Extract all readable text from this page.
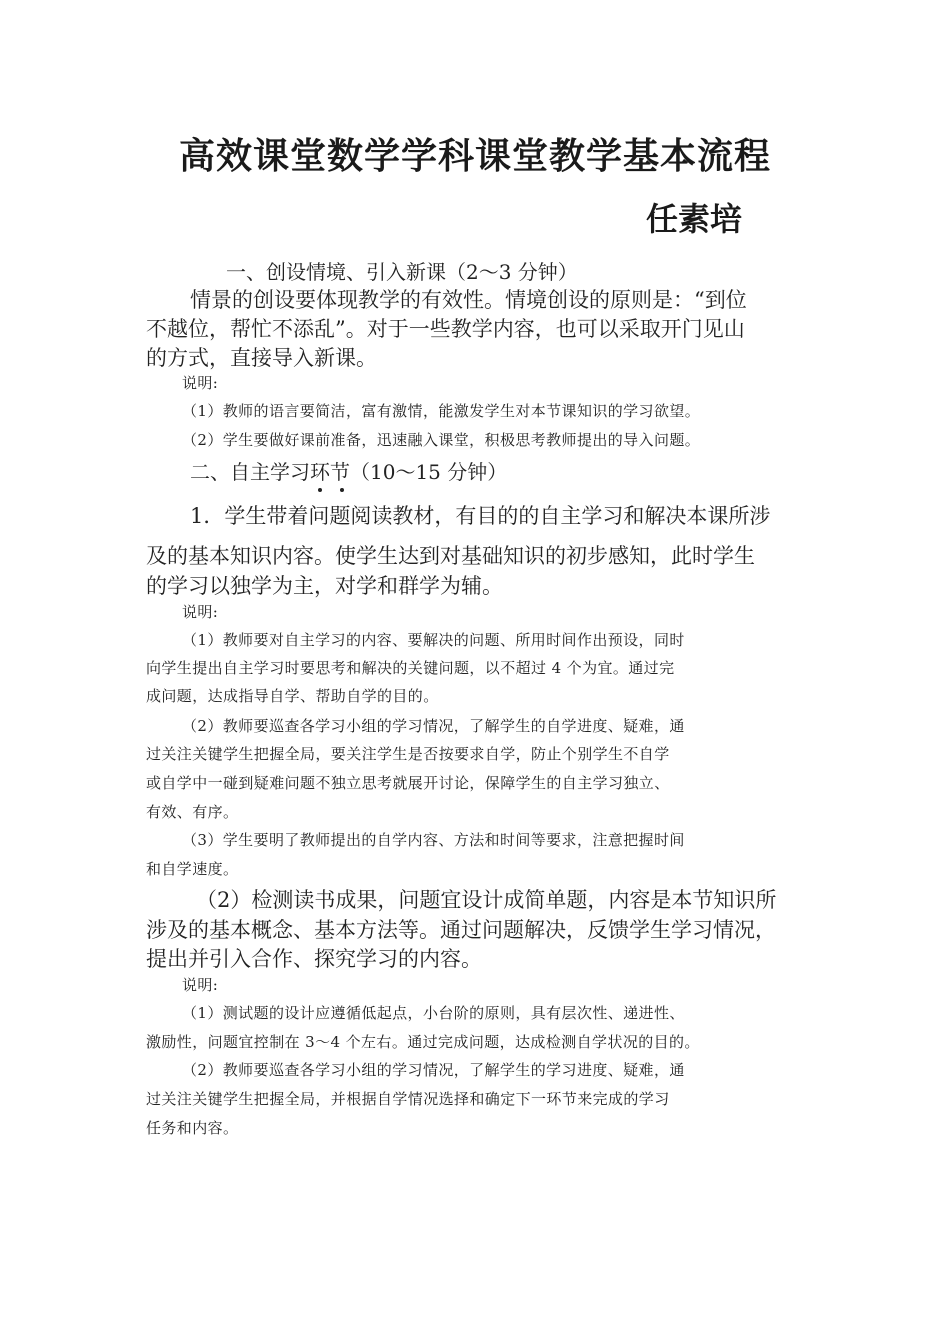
高效课堂数学学科课堂教学基本流程
任素培
一、创设情境、引入新课（2～3 分钟）
情景的创设要体现教学的有效性。情境创设的原则是：“到位
不越位，帮忙不添乱”。对于一些教学内容，也可以采取开门见山
的方式，直接导入新课。
说明:
（1）教师的语言要简洁，富有激情，能激发学生对本节课知识的学习欲望。
（2）学生要做好课前准备，迅速融入课堂，积极思考教师提出的导入问题。
二、自主学习环节（10～15 分钟）
1．学生带着问题阅读教材，有目的的自主学习和解决本课所涉
及的基本知识内容。使学生达到对基础知识的初步感知，此时学生
的学习以独学为主，对学和群学为辅。
说明:
（1）教师要对自主学习的内容、要解决的问题、所用时间作出预设，同时
向学生提出自主学习时要思考和解决的关键问题，以不超过 4 个为宜。通过完
成问题，达成指导自学、帮助自学的目的。
（2）教师要巡查各学习小组的学习情况，了解学生的自学进度、疑难，通
过关注关键学生把握全局，要关注学生是否按要求自学，防止个别学生不自学
或自学中一碰到疑难问题不独立思考就展开讨论，保障学生的自主学习独立、
有效、有序。
（3）学生要明了教师提出的自学内容、方法和时间等要求，注意把握时间
和自学速度。
（2）检测读书成果，问题宜设计成简单题，内容是本节知识所
涉及的基本概念、基本方法等。通过问题解决，反馈学生学习情况，
提出并引入合作、探究学习的内容。
说明:
（1）测试题的设计应遵循低起点，小台阶的原则，具有层次性、递进性、
激励性，问题宜控制在 3～4 个左右。通过完成问题，达成检测自学状况的目的。
（2）教师要巡查各学习小组的学习情况，了解学生的学习进度、疑难，通
过关注关键学生把握全局，并根据自学情况选择和确定下一环节来完成的学习
任务和内容。
